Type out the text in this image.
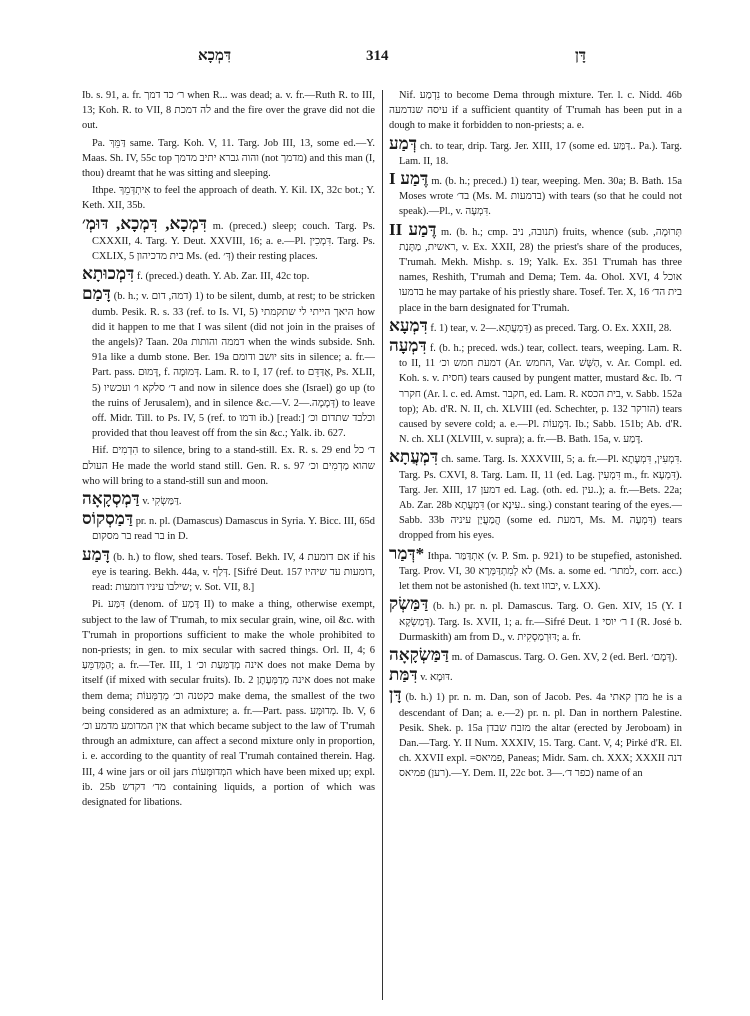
דִּמְכָא	314	דָּן

Ib. s. 91, a. fr. ר׳ כד דמך when R... was dead; a. v. fr.—Ruth R. to III, 13; Koh. R. to VII, 8 לה דמכת and the fire over the grave did not die out.

Pa. דַּמֵּךְ same. Targ. Koh. V, 11. Targ. Job III, 13, some ed.—Y. Maas. Sh. IV, 55c top והוה גברא יתיב מדמך (not מדמך) and this man (I, thou) dreamt that he was sitting and sleeping.

Ithpe. אִיתְדְּמֵךְ to feel the approach of death. Y. Kil. IX, 32c bot.; Y. Keth. XII, 35b.

דִּמְכָא, דִּמְכָא, דּוּמְ׳ m. (preced.) sleep; couch. Targ. Ps. CXXXII, 4. Targ. Y. Deut. XXVIII, 16; a. e.—Pl. דִּמְכִין. Targ. Ps. CXLIX, 5 בית מדכיהון Ms. (ed. דְּ׳) their resting places.

דִּמְכוּתָא f. (preced.) death. Y. Ab. Zar. III, 42c top.

דָּמַם (b. h.; v. דמה, דום) 1) to be silent, dumb, at rest; to be stricken dumb. Pesik. R. s. 33 (ref. to Is. VI, 5) היאך הייתי לי שתקמתי how did it happen to me that I was silent (did not join in the praises of the angels)? Taan. 20a דממה והותות when the winds subside. Snh. 91a like a dumb stone. Ber. 19a יושב ודומם sits in silence; a. fr.—Part. pass. דָּמוּם, f. דְּמוּמָה. Lam. R. to I, 17 (ref. to אֶדַּדֵּם, Ps. XLII, 5) ד׳ סלקא ו׳ ועכשיו and now in silence does she (Israel) go up (to the ruins of Jerusalem), and in silence &c.—V. דְּמָמָה.—2) to leave off. Midr. Till. to Ps. IV, 5 (ref. to ודמו ib.) [read:] וכלבד שתדום וכ׳ provided that thou leavest off from the sin &c.; Yalk. ib. 627.

Hif. הִדְמִים to silence, bring to a stand-still. Ex. R. s. 29 end ד׳ כל העולם He made the world stand still. Gen. R. s. 97 שהוא מַדְמִים וכ׳ who will bring to a stand-still sun and moon.

דַּמְסְקָאָה v. דַּמַּשְׂקִי.

דַּמַסְקוֹס pr. n. pl. (Damascus) Damascus in Syria. Y. Bicc. III, 65d בר מסקום read בר in D.

דָּמַע (b. h.) to flow, shed tears. Tosef. Bekh. IV, 4 אם דומעת if his eye is tearing. Bekh. 44a, v. דְּלַף. [Sifré Deut. 157 דומעות עד שיהיו, read: שילבו עיניו דומעות; v. Sot. VII, 8.]

Pi. דִּמַּע (denom. of דֶּמַע II) to make a thing, otherwise exempt, subject to the law of T'rumah, to mix secular grain, wine, oil &c. with T'rumah in proportions sufficient to make the whole prohibited to non-priests; in gen. to mix secular with sacred things. Orl. II, 4; 6 הַמְּדַמֵּעַ; a. fr.—Ter. III, 1 אינה מְדַמַּעַת וכ׳ does not make Dema by itself (if mixed with secular fruits). Ib. 2 אינה מְדַמְּעָתָן does not make them dema; כקטנה וכ׳ מְדַמְּעוֹת make dema, the smallest of the two being considered as an admixture; a. fr.—Part. pass. מְדוּמָּע. Ib. V, 6 אין המדומע מדמע וכ׳ that which became subject to the law of T'rumah through an admixture, can affect a second mixture only in proportion, i. e. according to the quantity of real T'rumah contained therein. Hag. III, 4 wine jars or oil jars המְדוּמָּעוֹת which have been mixed up; expl. ib. 25b מד׳ דקדש containing liquids, a portion of which was designated for libations.

Nif. נִדְמַע to become Dema through mixture. Ter. l. c. Nidd. 46b עיסה שנדמעה if a sufficient quantity of T'rumah has been put in a dough to make it forbidden to non-priests; a. e.

דְּמַע ch. to tear, drip. Targ. Jer. XIII, 17 (some ed. דַּמַּע.. Pa.). Targ. Lam. II, 18.

דֶּמַע I m. (b. h.; preced.) 1) tear, weeping. Men. 30a; B. Bath. 15a Moses wrote בד׳ (Ms. M. בדמעות) with tears (so that he could not speak).—Pl., v. דִּמְעָה.

דֶּמַע II m. (b. h.; cmp. תנובה, ניב) fruits, whence (sub. תְּרוּמָה, ראשית, מַתָּנַת, v. Ex. XXII, 28) the priest's share of the produces, T'rumah. Mekh. Mishp. s. 19; Yalk. Ex. 351 T'rumah has three names, Reshith, T'rumah and Dema; Tem. 4a. Ohol. XVI, 4 אוכל בדמעו he may partake of his priestly share. Tosef. Ter. X, 16 בית הד׳ place in the barn designated for T'rumah.

דִּמְעָא f. 1) tear, v. דִּמְעֲתָא.—2) as preced. Targ. O. Ex. XXII, 28.

דִּמְעָה f. (b. h.; preced. wds.) tear, collect. tears, weeping. Lam. R. to II, 11 דמעת חמש וכ׳ (Ar. החמש, Var. הַשָּׁשׁ, v. Ar. Compl. ed. Koh. s. v. חסית) tears caused by pungent matter, mustard &c. Ib. ד׳ חקרר (Ar. l. c. ed. Amst. חקבר, ed. Lam. R. בית הכסא, v. Sabb. 152a top); Ab. d'R. N. II, ch. XLVIII (ed. Schechter, p. 132 הזרקר) tears caused by severe cold; a. e.—Pl. דְּמָעוֹת. Ib.; Sabb. 151b; Ab. d'R. N. ch. XLI (XLVIII, v. supra); a. fr.—B. Bath. 15a, v. דֶּמַע.

דִּמְעֲתָא ch. same. Targ. Is. XXXVIII, 5; a. fr.—Pl. דִּמְעִין, דִּמְעָתָא. Targ. Ps. CXVI, 8. Targ. Lam. II, 11 (ed. Lag. דִּמְעִין m., fr. דִּמְעָא). Targ. Jer. XIII, 17 דמען ed. Lag. (oth. ed. עין..); a. fr.—Bets. 22a; Ab. Zar. 28b דִּמְעֲתָא (or עִינָא.. sing.) constant tearing of the eyes.—Sabb. 33b הֲמַעֲיַן עיניה (some ed. דמעת, Ms. M. דִּמְעָה) tears dropped from his eyes.

*דְּמַר Ithpa. אִתְדַּמַּר (v. P. Sm. p. 921) to be stupefied, astonished. Targ. Prov. VI, 30 לא לְמִתְדַּמְּרָא (Ms. a. some ed. למתר׳, corr. acc.) let them not be astonished (h. text יבוזו, v. LXX).

דַּמַּשְׂק (b. h.) pr. n. pl. Damascus. Targ. O. Gen. XIV, 15 (Y. I דְּמַשְׂקָא). Targ. Is. XVII, 1; a. fr.—Sifré Deut. 1 ר׳ יוסי I (R. José b. Durmaskith) am from D., v. דּוּרְמַסְקִית; a. fr.

דַּמַּשְׂקָאָה m. of Damascus. Targ. O. Gen. XV, 2 (ed. Berl. דְּמָם׳).

דִּמַּת v. דּוּמָא.

דָּן (b. h.) 1) pr. n. m. Dan, son of Jacob. Pes. 4a מדן קאתי he is a descendant of Dan; a. e.—2) pr. n. pl. Dan in northern Palestine. Pesik. Shek. p. 15a מזבח שבדן the altar (erected by Jeroboam) in Dan.—Targ. Y. II Num. XXXIV, 15. Targ. Cant. V, 4; Pirké d'R. El. ch. XXVII expl. =פמיאס, Paneas; Midr. Sam. ch. XXX; XXXII דנה (רען) פמיאס.—Y. Dem. II, 22c bot. כפר ד׳.—3) name of an
